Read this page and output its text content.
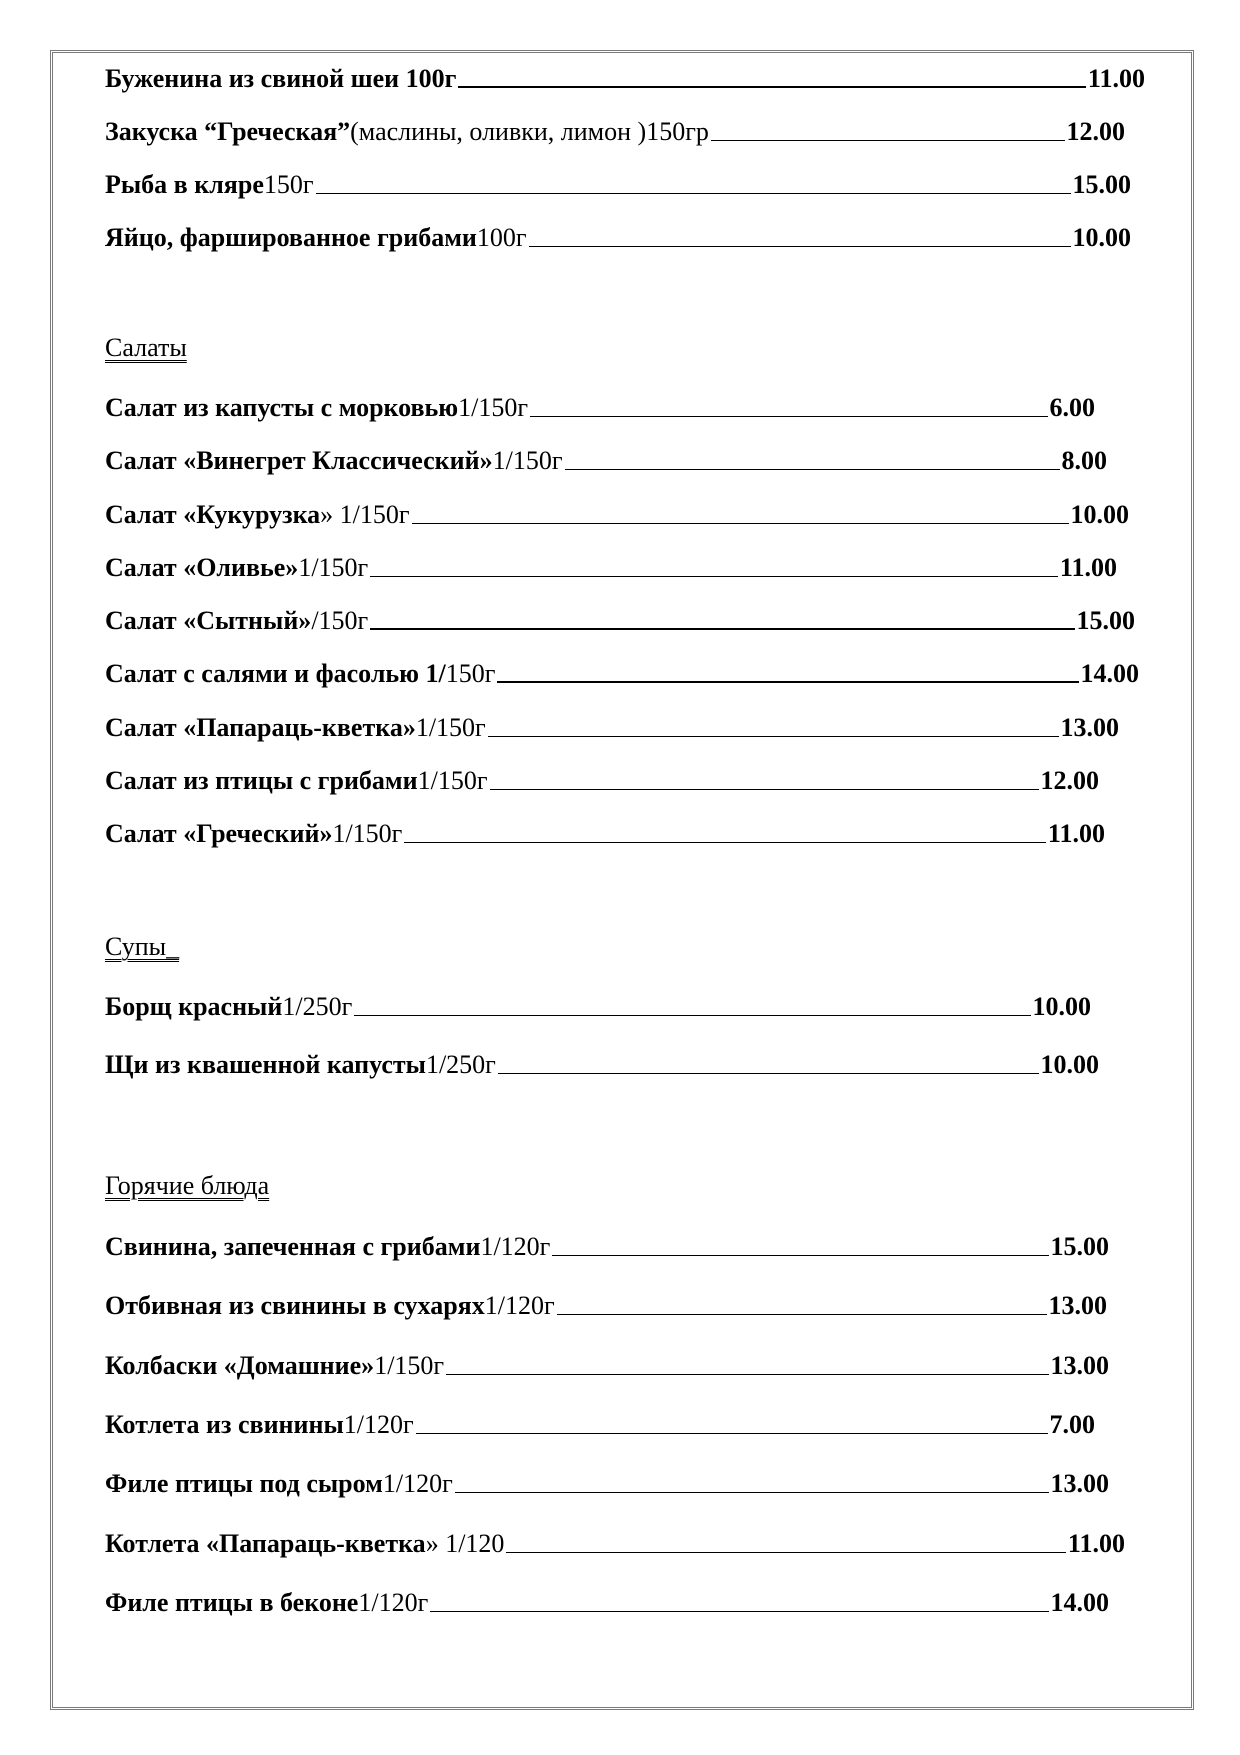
Буженина из свиной шеи 100г	11.00
Закуска “Греческая” (маслины, оливки, лимон )150гр	12.00
Рыба в кляре 150г	15.00
Яйцо, фаршированное грибами 100г	10.00
Салаты
Салат из капусты с морковью 1/150г	6.00
Салат «Винегрет Классический» 1/150г	8.00
Салат «Кукурузка » 1/150г	10.00
Салат «Оливье» 1/150г	11.00
Салат «Сытный» /150г	15.00
Салат с салями и фасолью 1/ 150г	14.00
Салат «Папараць-кветка» 1/150г	13.00
Салат из птицы с грибами 1/150г	12.00
Салат «Греческий» 1/150г	11.00
Супы_
Борщ красный 1/250г	10.00
Щи из квашенной капусты 1/250г	10.00
Горячие блюда
Свинина, запеченная с грибами 1/120г	15.00
Отбивная из свинины в сухарях 1/120г	13.00
Колбаски «Домашние» 1/150г	13.00
Котлета из свинины 1/120г	7.00
Филе птицы под сыром 1/120г	13.00
Котлета «Папараць-кветка » 1/120	11.00
Филе птицы в беконе 1/120г	14.00
